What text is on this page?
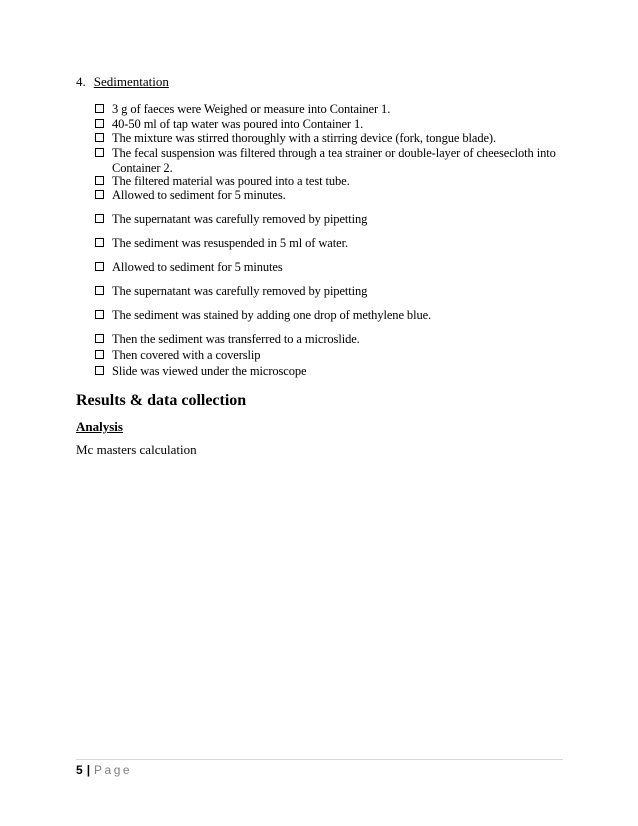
4. Sedimentation
3 g of faeces were Weighed or measure into Container 1.
40-50 ml of tap water was poured into Container 1.
The mixture was stirred thoroughly with a stirring device (fork, tongue blade).
The fecal suspension was filtered through a tea strainer or double-layer of cheesecloth into Container 2.
The filtered material was poured into a test tube.
Allowed to sediment for 5 minutes.
The supernatant was carefully removed by pipetting
The sediment was resuspended in 5 ml of water.
Allowed to sediment for 5 minutes
The supernatant was carefully removed by pipetting
The sediment was stained by adding one drop of methylene blue.
Then the sediment was transferred to a microslide.
Then covered with a coverslip
Slide was viewed under the microscope
Results & data collection
Analysis
Mc masters calculation
5 | Page
